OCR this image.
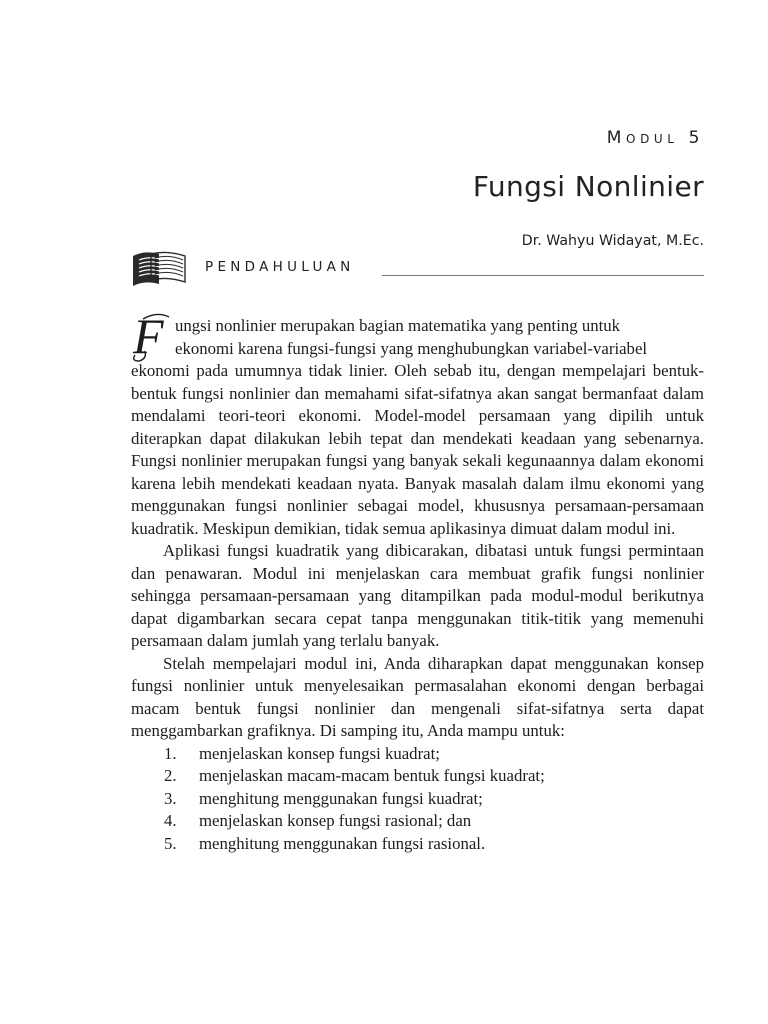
Modul 5
Fungsi Nonlinier
Dr. Wahyu Widayat, M.Ec.
PENDAHULUAN

F ungsi nonlinier merupakan bagian matematika yang penting untuk
ekonomi karena fungsi-fungsi yang menghubungkan variabel-variabel
ekonomi pada umumnya tidak linier. Oleh sebab itu, dengan mempelajari bentuk-bentuk fungsi nonlinier dan memahami sifat-sifatnya akan sangat bermanfaat dalam mendalami teori-teori ekonomi. Model-model persamaan yang dipilih untuk diterapkan dapat dilakukan lebih tepat dan mendekati keadaan yang sebenarnya. Fungsi nonlinier merupakan fungsi yang banyak sekali kegunaannya dalam ekonomi karena lebih mendekati keadaan nyata. Banyak masalah dalam ilmu ekonomi yang menggunakan fungsi nonlinier sebagai model, khususnya persamaan-persamaan kuadratik. Meskipun demikian, tidak semua aplikasinya dimuat dalam modul ini.

Aplikasi fungsi kuadratik yang dibicarakan, dibatasi untuk fungsi permintaan dan penawaran. Modul ini menjelaskan cara membuat grafik fungsi nonlinier sehingga persamaan-persamaan yang ditampilkan pada modul-modul berikutnya dapat digambarkan secara cepat tanpa menggunakan titik-titik yang memenuhi persamaan dalam jumlah yang terlalu banyak.

Stelah mempelajari modul ini, Anda diharapkan dapat menggunakan konsep fungsi nonlinier untuk menyelesaikan permasalahan ekonomi dengan berbagai macam bentuk fungsi nonlinier dan mengenali sifat-sifatnya serta dapat menggambarkan grafiknya. Di samping itu, Anda mampu untuk:

1. menjelaskan konsep fungsi kuadrat;
2. menjelaskan macam-macam bentuk fungsi kuadrat;
3. menghitung menggunakan fungsi kuadrat;
4. menjelaskan konsep fungsi rasional; dan
5. menghitung menggunakan fungsi rasional.
